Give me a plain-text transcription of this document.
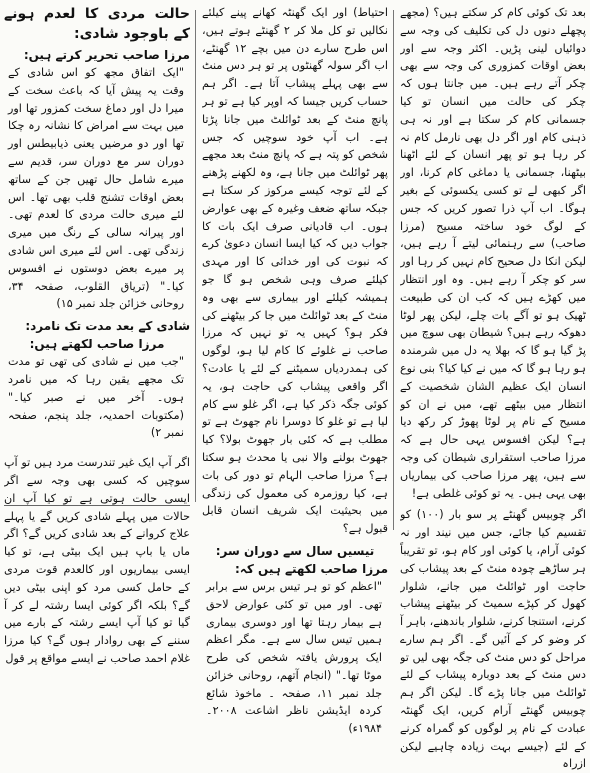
بعد تک کوئی کام کر سکتے ہیں؟ (مجھے پچھلے دنوں دل کی تکلیف کی وجہ سے دوائیاں لینی پڑیں۔ اکثر وجہ سے اور بعض اوقات کمزوری کی وجہ سے بھی چکر آتے رہے ہیں۔ میں جانتا ہوں کہ چکر کی حالت میں انسان تو کیا جسمانی کام کر سکتا ہے اور نہ ہی ذہنی کام اور اگر دل بھی نارمل کام نہ کر رہا ہو تو پھر انسان کے لئے اٹھنا بیٹھنا، جسمانی یا دماغی کام کرنا، اور اگر کبھی لے تو کسی یکسوئی کے بغیر ہوگا۔ اب آپ ذرا تصور کریں کہ جس کے لوگ خود ساختہ مسیح (مرزا صاحب) سے رہنمائی لیتے آ رہے ہیں، لیکن انکا دل صحیح کام نہیں کر رہا اور سر کو چکر آ رہے ہیں۔ وہ اور انتظار میں کھڑے ہیں کہ کب ان کی طبیعت ٹھیک ہو تو آگے بات چلے، لیکن پھر لوٹا دھوکہ رہے ہیں؟ شیطان بھی سوچ میں پڑ گیا ہو گا کہ بھلا یہ دل میں شرمندہ ہو رہا ہو گا کہ میں نے کیا کیا؟ بنی نوع انسان ایک عظیم الشان شخصیت کے انتظار میں بیٹھے تھے، میں نے ان کو مسیح کے نام پر لوٹا پھوڑ کر رکھ دیا ہے؟ لیکن افسوس یہی حال ہے کہ مرزا صاحب استقراری شیطان کی وجہ سے ہیں، پھر مرزا صاحب کی بیماریاں بھی یہی ہیں۔ یہ تو کوئی غلطی ہے!

اگر چوبیس گھنٹے پر سو بار (۱۰۰) کو تقسیم کیا جائے، جس میں نیند اور نہ کوئی آرام، یا کوئی اور کام ہو، تو تقریباً ہر ساڑھے چودہ منٹ کے بعد پیشاب کی حاجت اور ٹوائلٹ میں جانے، شلوار کھول کر کپڑے سمیٹ کر بیٹھنے پیشاب کرنے، استنجا کرنے، شلوار باندھنے، باہر آ کر وضو کر کے آئیں گے۔ اگر ہم سارے مراحل کو دس منٹ کی جگہ بھی لیں تو دس منٹ کے بعد دوبارہ پیشاب کے لئے ٹوائلٹ میں جانا پڑے گا۔ لیکن اگر ہم چوبیس گھنٹے آرام کریں، ایک گھنٹہ عبادت کے نام پر لوگوں کو گمراہ کرنے کے لئے (جیسے بہت زیادہ چاہیے لیکن ازراہ

احتیاط) اور ایک گھنٹہ کھانے پینے کیلئے نکالیں تو کل ملا کر ۲ گھنٹے ہوتے ہیں، اس طرح سارے دن میں بچے ۱۲ گھنٹے، اب اگر سولہ گھنٹوں پر تو ہر دس منٹ سے بھی پہلے پیشاب آتا ہے۔ اگر ہم حساب کریں جیسا کہ اوپر کیا ہے تو ہر پانچ منٹ کے بعد ٹوائلٹ میں جانا پڑتا ہے۔ اب آپ خود سوچیں کہ جس شخص کو پتہ ہے کہ پانچ منٹ بعد مجھے پھر ٹوائلٹ میں جانا ہے، وہ لکھنے پڑھنے کے لئے توجہ کیسے مرکوز کر سکتا ہے جبکہ ساتھ ضعف وغیرہ کے بھی عوارض ہوں۔ اب قادیانی صرف ایک بات کا جواب دیں کہ کیا ایسا انسان دعویٰ کرے کہ نبوت کی اور خدائی کا اور مہدی کیلئے صرف وہی شخص ہو گا جو ہمیشہ کیلئے اور بیماری سے بھی وہ منٹ کے بعد ٹوائلٹ میں جا کر بیٹھنے کی فکر ہو؟ کہیں یہ تو نہیں کہ مرزا صاحب نے غلوئے کا کام لیا ہو، لوگوں کی ہمدردیاں سمیٹنے کے لئے یا عادت؟ اگر واقعی پیشاب کی حاجت ہو، یہ کوئی جگہ ذکر کیا ہے، اگر غلو سے کام لیا ہے تو غلو کا دوسرا نام جھوٹ ہے تو مطلب ہے کہ کئی بار جھوٹ بولا؟ کیا جھوٹ بولنے والا نبی یا محدث ہو سکتا ہے؟ مرزا صاحب الہام تو دور کی بات ہے، کیا روزمرہ کی معمول کی زندگی میں بحیثیت ایک شریف انسان قابل قبول ہے؟

تیسیں سال سے دوران سر:

مرزا صاحب لکھتے ہیں کہ:

"اعظم کو تو ہر تیس برس سے برابر تھی۔ اور میں تو کئی عوارض لاحق ہے بیمار رہتا تھا اور دوسری بیماری ہمیں تیس سال سے ہے۔ مگر اعظم ایک پرورش یافتہ شخص کی طرح موٹا تھا۔" (انجام آتھم، روحانی خزائن جلد نمبر ۱۱، صفحہ ۔ ماخوذ شائع کردہ ایڈیشن ناظر اشاعت ۲۰۰۸۔۱۹۸۴ء)

حالت مردی کا لعدم ہونے کے باوجود شادی:

مرزا صاحب تحریر کرتے ہیں:

"ایک اتفاق مجھ کو اس شادی کے وقت یہ پیش آیا کہ باعث سخت کے میرا دل اور دماغ سخت کمزور تھا اور میں بہت سے امراض کا نشانہ رہ چکا تھا اور دو مرضیں یعنی ذیابیطس اور دوران سر مع دوران سر، قدیم سے میرے شامل حال تھیں جن کے ساتھ بعض اوقات تشنج قلب بھی تھا۔ اس لئے میری حالت مردی کا لعدم تھی۔ اور پیرانہ سالی کے رنگ میں میری زندگی تھی۔ اس لئے میری اس شادی پر میرے بعض دوستوں نے افسوس کیا۔" (تریاق القلوب، صفحہ ۳۴، روحانی خزائن جلد نمبر ۱۵)

شادی کے بعد مدت تک نامرد:

مرزا صاحب لکھتے ہیں:

"جب میں نے شادی کی تھی تو مدت تک مجھے یقین رہا کہ میں نامرد ہوں۔ آخر میں نے صبر کیا۔" (مکتوبات احمدیہ، جلد پنجم، صفحہ نمبر ۲)

اگر آپ ایک غیر تندرست مرد ہیں تو آپ سوچیں کہ کسی بھی وجہ سے اگر ایسی حالت ہوتی ہے تو کیا آپ ان حالات میں پہلے شادی کریں گے یا پہلے علاج کروانے کے بعد شادی کریں گے؟ اگر ماں یا باپ ہیں ایک بیٹی ہے، تو کیا ایسی بیماریوں اور کالعدم قوت مردی کے حامل کسی مرد کو اپنی بیٹی دیں گے؟ بلکہ اگر کوئی ایسا رشتہ لے کر آ گیا تو کیا آپ ایسے رشتہ کے بارے میں سننے کے بھی روادار ہوں گے؟ کیا مرزا غلام احمد صاحب نے ایسے مواقع پر قول
